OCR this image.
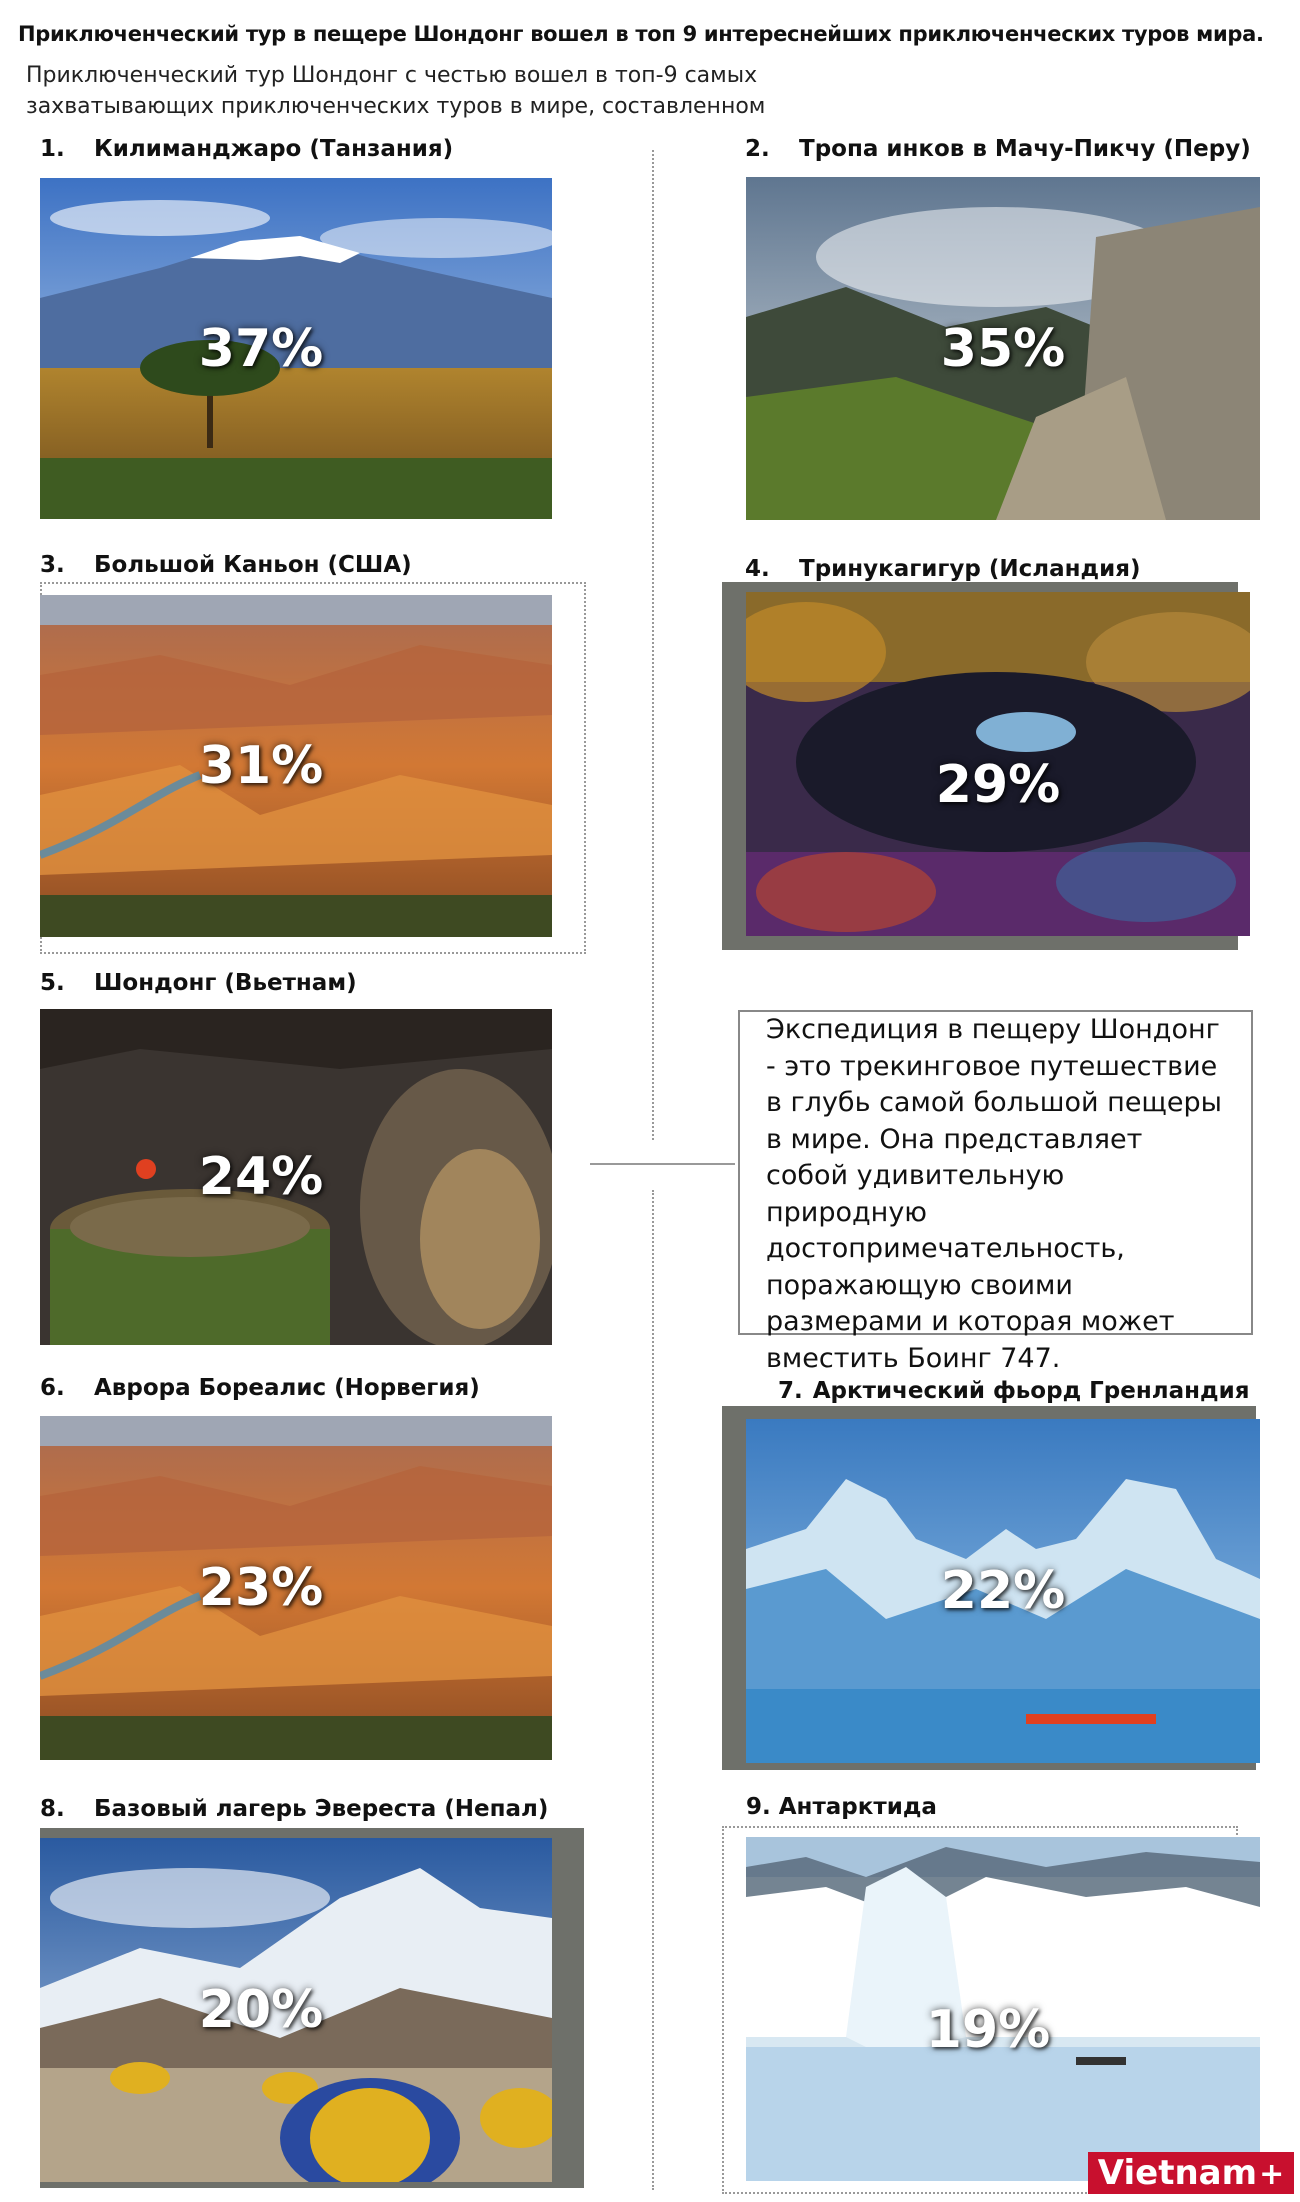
Приключенческий тур в пещере Шондонг вошел в топ 9 интереснейших приключенческих туров мира.
Приключенческий тур Шондонг с честью вошел в топ-9 самых захватывающих приключенческих туров в мире, составленном
1. Килиманджаро (Танзания)
37%
2. Тропа инков в Мачу-Пикчу (Перу)
35%
3. Большой Каньон (США)
31%
4. Тринукагигур (Исландия)
29%
5. Шондонг (Вьетнам)
24%
Экспедиция в пещеру Шондонг - это трекинговое путешествие в глубь самой большой пещеры в мире. Она представляет собой удивительную природную достопримечательность, поражающую своими размерами и которая может вместить Боинг 747.
6. Аврора Бореалис (Норвегия)
23%
7. Арктический фьорд Гренландия
22%
8. Базовый лагерь Эвереста (Непал)
20%
9. Антарктида
19%
Vietnam+
